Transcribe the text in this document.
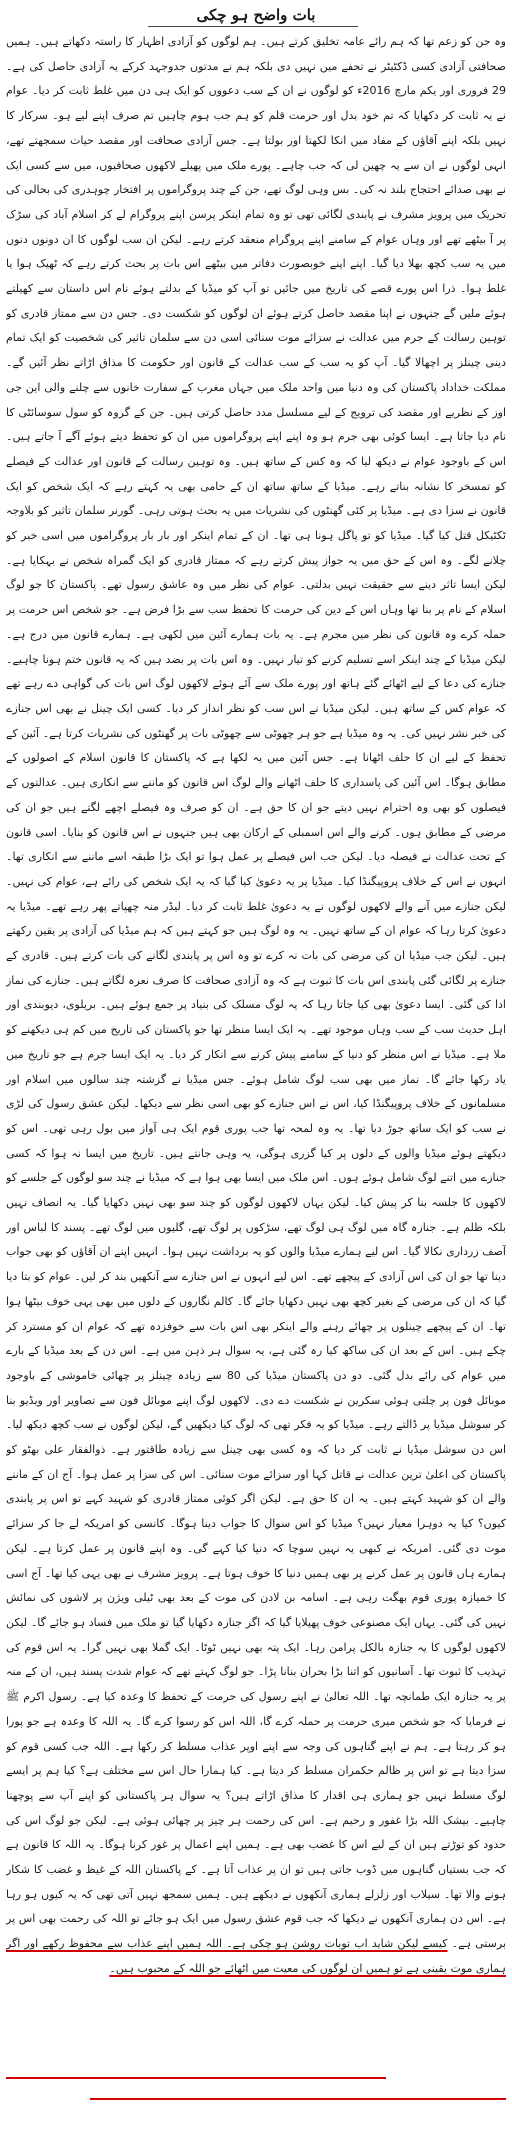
بات واضح ہو چکی
وہ جن کو زعم تھا کہ ہم رائے عامہ تخلیق کرتے ہیں۔ ہم لوگوں کو آزادی اظہار کا راستہ دکھاتے ہیں۔ ہمیں صحافتی آزادی کسی ڈکٹیٹر نے تحفے میں نہیں دی بلکہ ہم نے مدتوں جدوجہد کرکے یہ آزادی حاصل کی ہے۔ 29 فروری اور یکم مارچ 2016ء کو لوگوں نے ان کے سب دعووں کو ایک ہی دن میں غلط ثابت کر دیا۔ عوام نے یہ ثابت کر دکھایا کہ تم خود بدل اور حرمت قلم کو ہم جب ہوم چاہیں تم صرف اپنے لیے ہو۔ سرکار کا نہیں بلکہ اپنے آقاؤں کے مفاد میں انکا لکھتا اور بولتا ہے۔ جس آزادی صحافت اور مقصد حیات سمجھتے تھے، انہی لوگوں نے ان سے یہ چھین لی کہ جب چاہے۔ پورے ملک میں پھیلے لاکھوں صحافیوں، میں سے کسی ایک نے بھی صدائے احتجاج بلند نہ کی۔ بس وہی لوگ تھے، جن کے چند پروگراموں پر افتخار چوہدری کی بحالی کی تحریک میں پرویز مشرف نے پابندی لگائی تھی تو وہ تمام اینکر پرسن اپنے پروگرام لے کر اسلام آباد کی سڑک پر آ بیٹھے تھے اور وہاں عوام کے سامنے اپنے پروگرام منعقد کرتے رہے۔ لیکن ان سب لوگوں کا ان دونوں دنوں میں یہ سب کچھ بھلا دیا گیا۔ اپنے اپنے خوبصورت دفاتر میں بیٹھے اس بات پر بحث کرتے رہے کہ ٹھیک ہوا یا غلط ہوا۔ ذرا اس پورے قصے کی تاریخ میں جائیں تو آپ کو میڈیا کے بدلتے ہوئے نام اس داستان سے کھیلتے ہوئے ملیں گے جنہوں نے اپنا مقصد حاصل کرتے ہوئے ان لوگوں کو شکست دی۔ جس دن سے ممتاز قادری کو توہین رسالت کے جرم میں عدالت نے سزائے موت سنائی اسی دن سے سلمان تاثیر کی شخصیت کو ایک تمام دینی چینلز پر اچھالا گیا۔ آپ کو یہ سب کے سب عدالت کے قانون اور حکومت کا مذاق اڑاتے نظر آئیں گے۔ مملکت خداداد پاکستان کی وہ دنیا میں واحد ملک میں جہاں مغرب کے سفارت خانوں سے چلنے والی این جی اوز کے نظریے اور مقصد کی ترویج کے لیے مسلسل مدد حاصل کرتی ہیں۔ جن کے گروہ کو سول سوسائٹی کا نام دیا جاتا ہے۔ ایسا کوئی بھی جرم ہو وہ اپنے اپنے پروگراموں میں ان کو تحفظ دیتے ہوئے آگے آ جاتے ہیں۔ اس کے باوجود عوام نے دیکھ لیا کہ وہ کس کے ساتھ ہیں۔ وہ توہین رسالت کے قانون اور عدالت کے فیصلے کو تمسخر کا نشانہ بناتے رہے۔ میڈیا کے ساتھ ساتھ ان کے حامی بھی یہ کہتے رہے کہ ایک شخص کو ایک قانون نے سزا دی ہے۔ میڈیا پر کئی گھنٹوں کی نشریات میں یہ بحث ہوتی رہی۔ گورنر سلمان تاثیر کو بلاوجہ ٹکٹیکل قتل کیا گیا۔ میڈیا کو تو پاگل ہونا ہی تھا۔ ان کے تمام اینکر اور بار بار پروگراموں میں اسی خبر کو چلانے لگے۔ وہ اس کے حق میں یہ جواز پیش کرتے رہے کہ ممتاز قادری کو ایک گمراہ شخص نے بہکایا ہے۔ لیکن ایسا تاثر دینے سے حقیقت نہیں بدلتی۔ عوام کی نظر میں وہ عاشق رسول تھے۔ پاکستان کا جو لوگ اسلام کے نام پر بنا تھا وہاں اس کے دین کی حرمت کا تحفظ سب سے بڑا فرض ہے۔ جو شخص اس حرمت پر حملہ کرے وہ قانون کی نظر میں مجرم ہے۔ یہ بات ہمارے آئین میں لکھی ہے۔ ہمارے قانون میں درج ہے۔ لیکن میڈیا کے چند اینکر اسے تسلیم کرنے کو تیار نہیں۔ وہ اس بات پر بضد ہیں کہ یہ قانون ختم ہونا چاہیے۔ جنازے کی دعا کے لیے اٹھائے گئے ہاتھ اور پورے ملک سے آئے ہوئے لاکھوں لوگ اس بات کی گواہی دے رہے تھے کہ عوام کس کے ساتھ ہیں۔ لیکن میڈیا نے اس سب کو نظر انداز کر دیا۔ کسی ایک چینل نے بھی اس جنازے کی خبر نشر نہیں کی۔ یہ وہ میڈیا ہے جو ہر چھوٹی سے چھوٹی بات پر گھنٹوں کی نشریات کرتا ہے۔ آئین کے تحفظ کے لیے ان کا حلف اٹھانا ہے۔ جس آئین میں یہ لکھا ہے کہ پاکستان کا قانون اسلام کے اصولوں کے مطابق ہوگا۔ اس آئین کی پاسداری کا حلف اٹھانے والے لوگ اس قانون کو ماننے سے انکاری ہیں۔ عدالتوں کے فیصلوں کو بھی وہ احترام نہیں دیتے جو ان کا حق ہے۔ ان کو صرف وہ فیصلے اچھے لگتے ہیں جو ان کی مرضی کے مطابق ہوں۔ کرنے والے اس اسمبلی کے ارکان بھی ہیں جنہوں نے اس قانون کو بنایا۔ اسی قانون کے تحت عدالت نے فیصلہ دیا۔ لیکن جب اس فیصلے پر عمل ہوا تو ایک بڑا طبقہ اسے ماننے سے انکاری تھا۔ انہوں نے اس کے خلاف پروپیگنڈا کیا۔ میڈیا پر یہ دعویٰ کیا گیا کہ یہ ایک شخص کی رائے ہے، عوام کی نہیں۔ لیکن جنازے میں آنے والے لاکھوں لوگوں نے یہ دعویٰ غلط ثابت کر دیا۔ لیڈر منہ چھپاتے پھر رہے تھے۔ میڈیا یہ دعویٰ کرتا رہا کہ عوام ان کے ساتھ نہیں۔ یہ وہ لوگ ہیں جو کہتے ہیں کہ ہم میڈیا کی آزادی پر یقین رکھتے ہیں۔ لیکن جب میڈیا ان کی مرضی کی بات نہ کرے تو وہ اس پر پابندی لگانے کی بات کرتے ہیں۔ قادری کے جنازے پر لگائی گئی پابندی اس بات کا ثبوت ہے کہ وہ آزادی صحافت کا صرف نعرہ لگاتے ہیں۔ جنازے کی نماز ادا کی گئی۔ ایسا دعویٰ بھی کیا جاتا رہا کہ یہ لوگ مسلک کی بنیاد پر جمع ہوئے ہیں۔ بریلوی، دیوبندی اور اہل حدیث سب کے سب وہاں موجود تھے۔ یہ ایک ایسا منظر تھا جو پاکستان کی تاریخ میں کم ہی دیکھنے کو ملا ہے۔ میڈیا نے اس منظر کو دنیا کے سامنے پیش کرنے سے انکار کر دیا۔ یہ ایک ایسا جرم ہے جو تاریخ میں یاد رکھا جائے گا۔ نماز میں بھی سب لوگ شامل ہوئے۔ جس میڈیا نے گزشتہ چند سالوں میں اسلام اور مسلمانوں کے خلاف پروپیگنڈا کیا، اس نے اس جنازے کو بھی اسی نظر سے دیکھا۔ لیکن عشق رسول کی لڑی نے سب کو ایک ساتھ جوڑ دیا تھا۔ یہ وہ لمحہ تھا جب پوری قوم ایک ہی آواز میں بول رہی تھی۔ اس کو دیکھتے ہوئے میڈیا والوں کے دلوں پر کیا گزری ہوگی، یہ وہی جانتے ہیں۔ تاریخ میں ایسا نہ ہوا کہ کسی جنازے میں اتنے لوگ شامل ہوئے ہوں۔ اس ملک میں ایسا بھی ہوا ہے کہ میڈیا نے چند سو لوگوں کے جلسے کو لاکھوں کا جلسہ بنا کر پیش کیا۔ لیکن یہاں لاکھوں لوگوں کو چند سو بھی نہیں دکھایا گیا۔ یہ انصاف نہیں بلکہ ظلم ہے۔ جنازہ گاہ میں لوگ ہی لوگ تھے، سڑکوں پر لوگ تھے، گلیوں میں لوگ تھے۔ پسند کا لباس اور آصف زرداری نکالا گیا۔ اس لیے ہمارے میڈیا والوں کو یہ برداشت نہیں ہوا۔ انہیں اپنے ان آقاؤں کو بھی جواب دینا تھا جو ان کی اس آزادی کے پیچھے تھے۔ اس لیے انہوں نے اس جنازے سے آنکھیں بند کر لیں۔ عوام کو بتا دیا گیا کہ ان کی مرضی کے بغیر کچھ بھی نہیں دکھایا جائے گا۔ کالم نگاروں کے دلوں میں بھی یہی خوف بیٹھا ہوا تھا۔ ان کے پیچھے چینلوں پر چھائے رہنے والے اینکر بھی اس بات سے خوفزدہ تھے کہ عوام ان کو مسترد کر چکے ہیں۔ اس کے بعد ان کی ساکھ کیا رہ گئی ہے، یہ سوال ہر ذہن میں ہے۔ اس دن کے بعد میڈیا کے بارے میں عوام کی رائے بدل گئی۔ دو دن پاکستان میڈیا کی 80 سے زیادہ چینلز پر چھائی خاموشی کے باوجود موبائل فون پر چلتی ہوئی سکرین نے شکست دے دی۔ لاکھوں لوگ اپنے موبائل فون سے تصاویر اور ویڈیو بنا کر سوشل میڈیا پر ڈالتے رہے۔ میڈیا کو یہ فکر تھی کہ لوگ کیا دیکھیں گے، لیکن لوگوں نے سب کچھ دیکھ لیا۔ اس دن سوشل میڈیا نے ثابت کر دیا کہ وہ کسی بھی چینل سے زیادہ طاقتور ہے۔ ذوالفقار علی بھٹو کو پاکستان کی اعلیٰ ترین عدالت نے قاتل کہا اور سزائے موت سنائی۔ اس کی سزا پر عمل ہوا۔ آج ان کے ماننے والے ان کو شہید کہتے ہیں۔ یہ ان کا حق ہے۔ لیکن اگر کوئی ممتاز قادری کو شہید کہے تو اس پر پابندی کیوں؟ کیا یہ دوہرا معیار نہیں؟ میڈیا کو اس سوال کا جواب دینا ہوگا۔ کانسی کو امریکہ لے جا کر سزائے موت دی گئی۔ امریکہ نے کبھی یہ نہیں سوچا کہ دنیا کیا کہے گی۔ وہ اپنے قانون پر عمل کرتا ہے۔ لیکن ہمارے ہاں قانون پر عمل کرنے پر بھی ہمیں دنیا کا خوف ہوتا ہے۔ پرویز مشرف نے بھی یہی کیا تھا۔ آج اسی کا خمیازہ پوری قوم بھگت رہی ہے۔ اسامہ بن لادن کی موت کے بعد بھی ٹیلی ویژن پر لاشوں کی نمائش نہیں کی گئی۔ یہاں ایک مصنوعی خوف پھیلایا گیا کہ اگر جنازہ دکھایا گیا تو ملک میں فساد ہو جائے گا۔ لیکن لاکھوں لوگوں کا یہ جنازہ بالکل پرامن رہا۔ ایک پتہ بھی نہیں ٹوٹا۔ ایک گملا بھی نہیں گرا۔ یہ اس قوم کی تہذیب کا ثبوت تھا۔ آسانیوں کو اتنا بڑا بحران بنانا پڑا۔ جو لوگ کہتے تھے کہ عوام شدت پسند ہیں، ان کے منہ پر یہ جنازہ ایک طمانچہ تھا۔ اللہ تعالیٰ نے اپنے رسول کی حرمت کے تحفظ کا وعدہ کیا ہے۔ رسول اکرم ﷺ نے فرمایا کہ جو شخص میری حرمت پر حملہ کرے گا، اللہ اس کو رسوا کرے گا۔ یہ اللہ کا وعدہ ہے جو پورا ہو کر رہتا ہے۔ ہم نے اپنے گناہوں کی وجہ سے اپنے اوپر عذاب مسلط کر رکھا ہے۔ اللہ جب کسی قوم کو سزا دیتا ہے تو اس پر ظالم حکمران مسلط کر دیتا ہے۔ کیا ہمارا حال اس سے مختلف ہے؟ کیا ہم پر ایسے لوگ مسلط نہیں جو ہماری ہی اقدار کا مذاق اڑاتے ہیں؟ یہ سوال ہر پاکستانی کو اپنے آپ سے پوچھنا چاہیے۔ بیشک اللہ بڑا غفور و رحیم ہے۔ اس کی رحمت ہر چیز پر چھائی ہوئی ہے۔ لیکن جو لوگ اس کی حدود کو توڑتے ہیں ان کے لیے اس کا غضب بھی ہے۔ ہمیں اپنے اعمال پر غور کرنا ہوگا۔ یہ اللہ کا قانون ہے کہ جب بستیاں گناہوں میں ڈوب جاتی ہیں تو ان پر عذاب آتا ہے۔ کے پاکستان اللہ کے غیظ و غضب کا شکار ہونے والا تھا۔ سیلاب اور زلزلے ہماری آنکھوں نے دیکھے ہیں۔ ہمیں سمجھ نہیں آتی تھی کہ یہ کیوں ہو رہا ہے۔ اس دن ہماری آنکھوں نے دیکھا کہ جب قوم عشق رسول میں ایک ہو جائے تو اللہ کی رحمت بھی اس پر برستی ہے۔ کیسے لیکن شاید اب توبات روشن ہو چکی ہے۔ اللہ ہمیں اپنے عذاب سے محفوظ رکھے اور اگر ہماری موت یقینی ہے تو ہمیں ان لوگوں کی معیت میں اٹھائے جو اللہ کے محبوب ہیں۔
